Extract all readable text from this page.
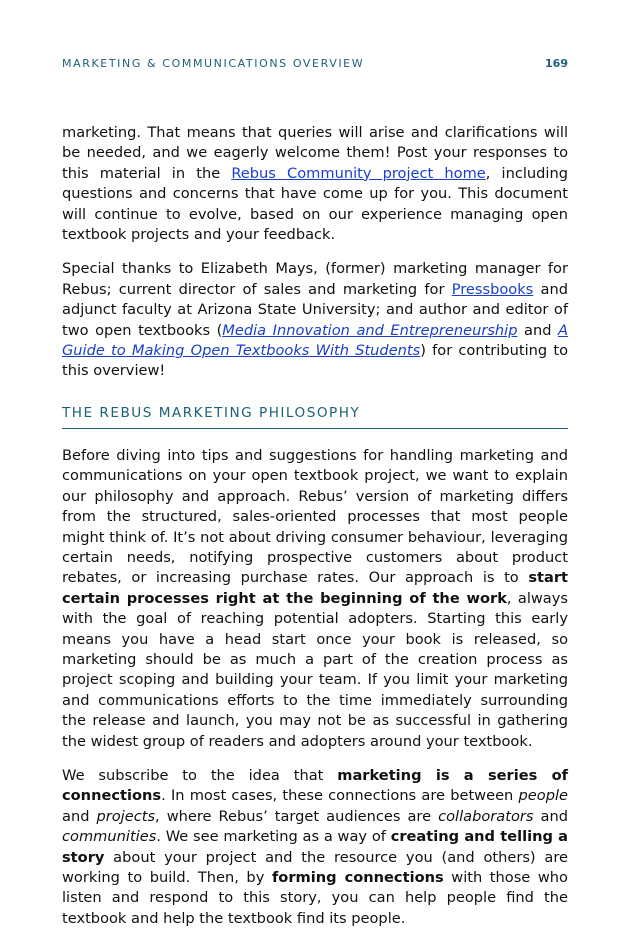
MARKETING & COMMUNICATIONS OVERVIEW	169

marketing. That means that queries will arise and clarifications will be needed, and we eagerly welcome them! Post your responses to this material in the Rebus Community project home, including questions and concerns that have come up for you. This document will continue to evolve, based on our experience managing open textbook projects and your feedback.

Special thanks to Elizabeth Mays, (former) marketing manager for Rebus; current director of sales and marketing for Pressbooks and adjunct faculty at Arizona State University; and author and editor of two open textbooks (Media Innovation and Entrepreneurship and A Guide to Making Open Textbooks With Students) for contributing to this overview!

THE REBUS MARKETING PHILOSOPHY

Before diving into tips and suggestions for handling marketing and communications on your open textbook project, we want to explain our philosophy and approach. Rebus’ version of marketing differs from the structured, sales-oriented processes that most people might think of. It’s not about driving consumer behaviour, leveraging certain needs, notifying prospective customers about product rebates, or increasing purchase rates. Our approach is to start certain processes right at the beginning of the work, always with the goal of reaching potential adopters. Starting this early means you have a head start once your book is released, so marketing should be as much a part of the creation process as project scoping and building your team. If you limit your marketing and communications efforts to the time immediately surrounding the release and launch, you may not be as successful in gathering the widest group of readers and adopters around your textbook.

We subscribe to the idea that marketing is a series of connections. In most cases, these connections are between people and projects, where Rebus’ target audiences are collaborators and communities. We see marketing as a way of creating and telling a story about your project and the resource you (and others) are working to build. Then, by forming connections with those who listen and respond to this story, you can help people find the textbook and help the textbook find its people.
